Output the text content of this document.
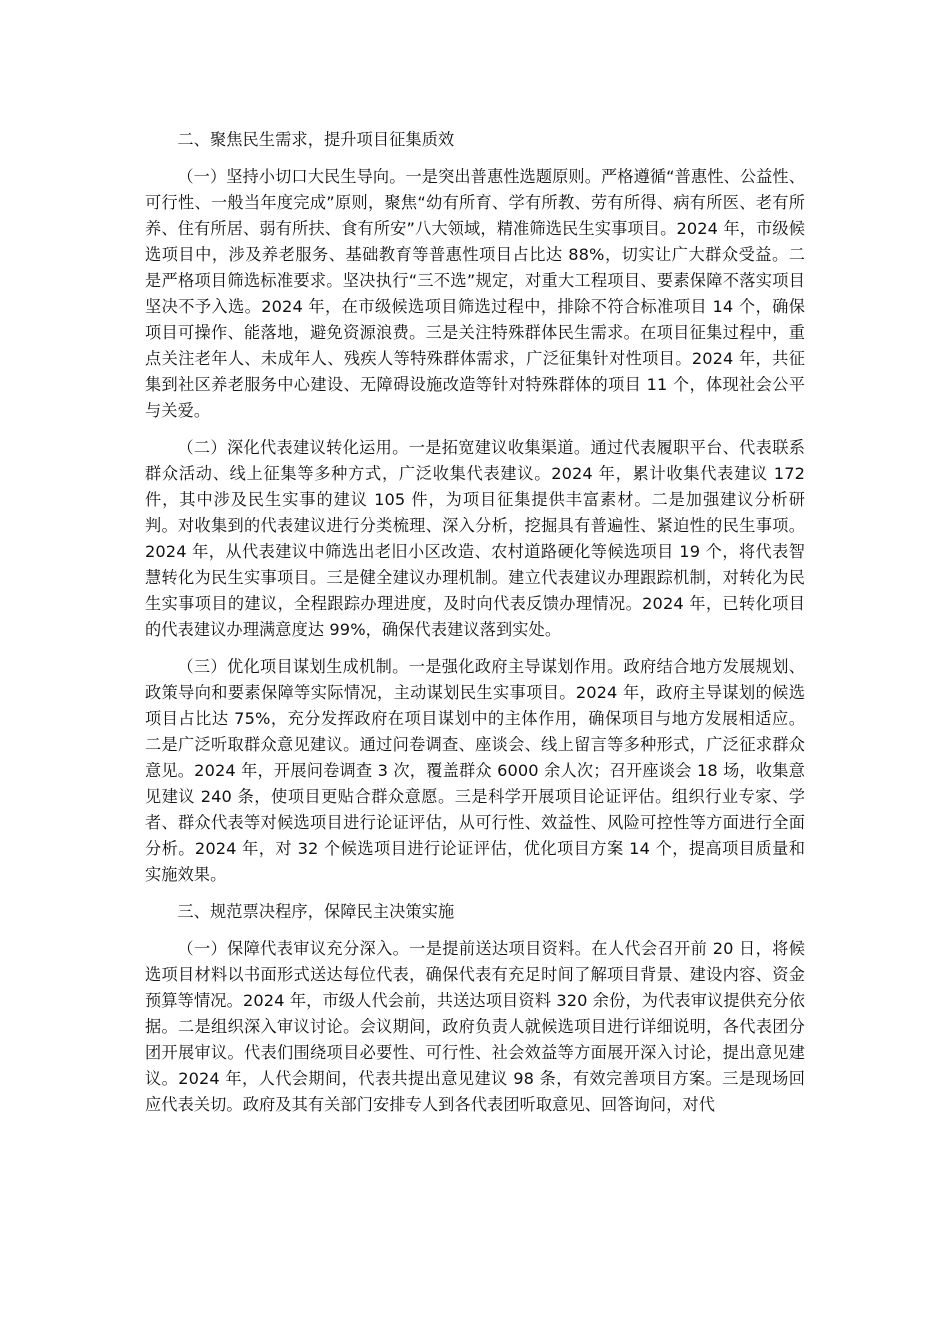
二、聚焦民生需求，提升项目征集质效

（一）坚持小切口大民生导向。一是突出普惠性选题原则。严格遵循“普惠性、公益性、可行性、一般当年度完成”原则，聚焦“幼有所育、学有所教、劳有所得、病有所医、老有所养、住有所居、弱有所扶、食有所安”八大领域，精准筛选民生实事项目。2024 年，市级候选项目中，涉及养老服务、基础教育等普惠性项目占比达 88%，切实让广大群众受益。二是严格项目筛选标准要求。坚决执行“三不选”规定，对重大工程项目、要素保障不落实项目坚决不予入选。2024 年，在市级候选项目筛选过程中，排除不符合标准项目 14 个，确保项目可操作、能落地，避免资源浪费。三是关注特殊群体民生需求。在项目征集过程中，重点关注老年人、未成年人、残疾人等特殊群体需求，广泛征集针对性项目。2024 年，共征集到社区养老服务中心建设、无障碍设施改造等针对特殊群体的项目 11 个，体现社会公平与关爱。

（二）深化代表建议转化运用。一是拓宽建议收集渠道。通过代表履职平台、代表联系群众活动、线上征集等多种方式，广泛收集代表建议。2024 年，累计收集代表建议 172 件，其中涉及民生实事的建议 105 件，为项目征集提供丰富素材。二是加强建议分析研判。对收集到的代表建议进行分类梳理、深入分析，挖掘具有普遍性、紧迫性的民生事项。2024 年，从代表建议中筛选出老旧小区改造、农村道路硬化等候选项目 19 个，将代表智慧转化为民生实事项目。三是健全建议办理机制。建立代表建议办理跟踪机制，对转化为民生实事项目的建议，全程跟踪办理进度，及时向代表反馈办理情况。2024 年，已转化项目的代表建议办理满意度达 99%，确保代表建议落到实处。

（三）优化项目谋划生成机制。一是强化政府主导谋划作用。政府结合地方发展规划、政策导向和要素保障等实际情况，主动谋划民生实事项目。2024 年，政府主导谋划的候选项目占比达 75%，充分发挥政府在项目谋划中的主体作用，确保项目与地方发展相适应。二是广泛听取群众意见建议。通过问卷调查、座谈会、线上留言等多种形式，广泛征求群众意见。2024 年，开展问卷调查 3 次，覆盖群众 6000 余人次；召开座谈会 18 场，收集意见建议 240 条，使项目更贴合群众意愿。三是科学开展项目论证评估。组织行业专家、学者、群众代表等对候选项目进行论证评估，从可行性、效益性、风险可控性等方面进行全面分析。2024 年，对 32 个候选项目进行论证评估，优化项目方案 14 个，提高项目质量和实施效果。

三、规范票决程序，保障民主决策实施

（一）保障代表审议充分深入。一是提前送达项目资料。在人代会召开前 20 日，将候选项目材料以书面形式送达每位代表，确保代表有充足时间了解项目背景、建设内容、资金预算等情况。2024 年，市级人代会前，共送达项目资料 320 余份，为代表审议提供充分依据。二是组织深入审议讨论。会议期间，政府负责人就候选项目进行详细说明，各代表团分团开展审议。代表们围绕项目必要性、可行性、社会效益等方面展开深入讨论，提出意见建议。2024 年，人代会期间，代表共提出意见建议 98 条，有效完善项目方案。三是现场回应代表关切。政府及其有关部门安排专人到各代表团听取意见、回答询问，对代
